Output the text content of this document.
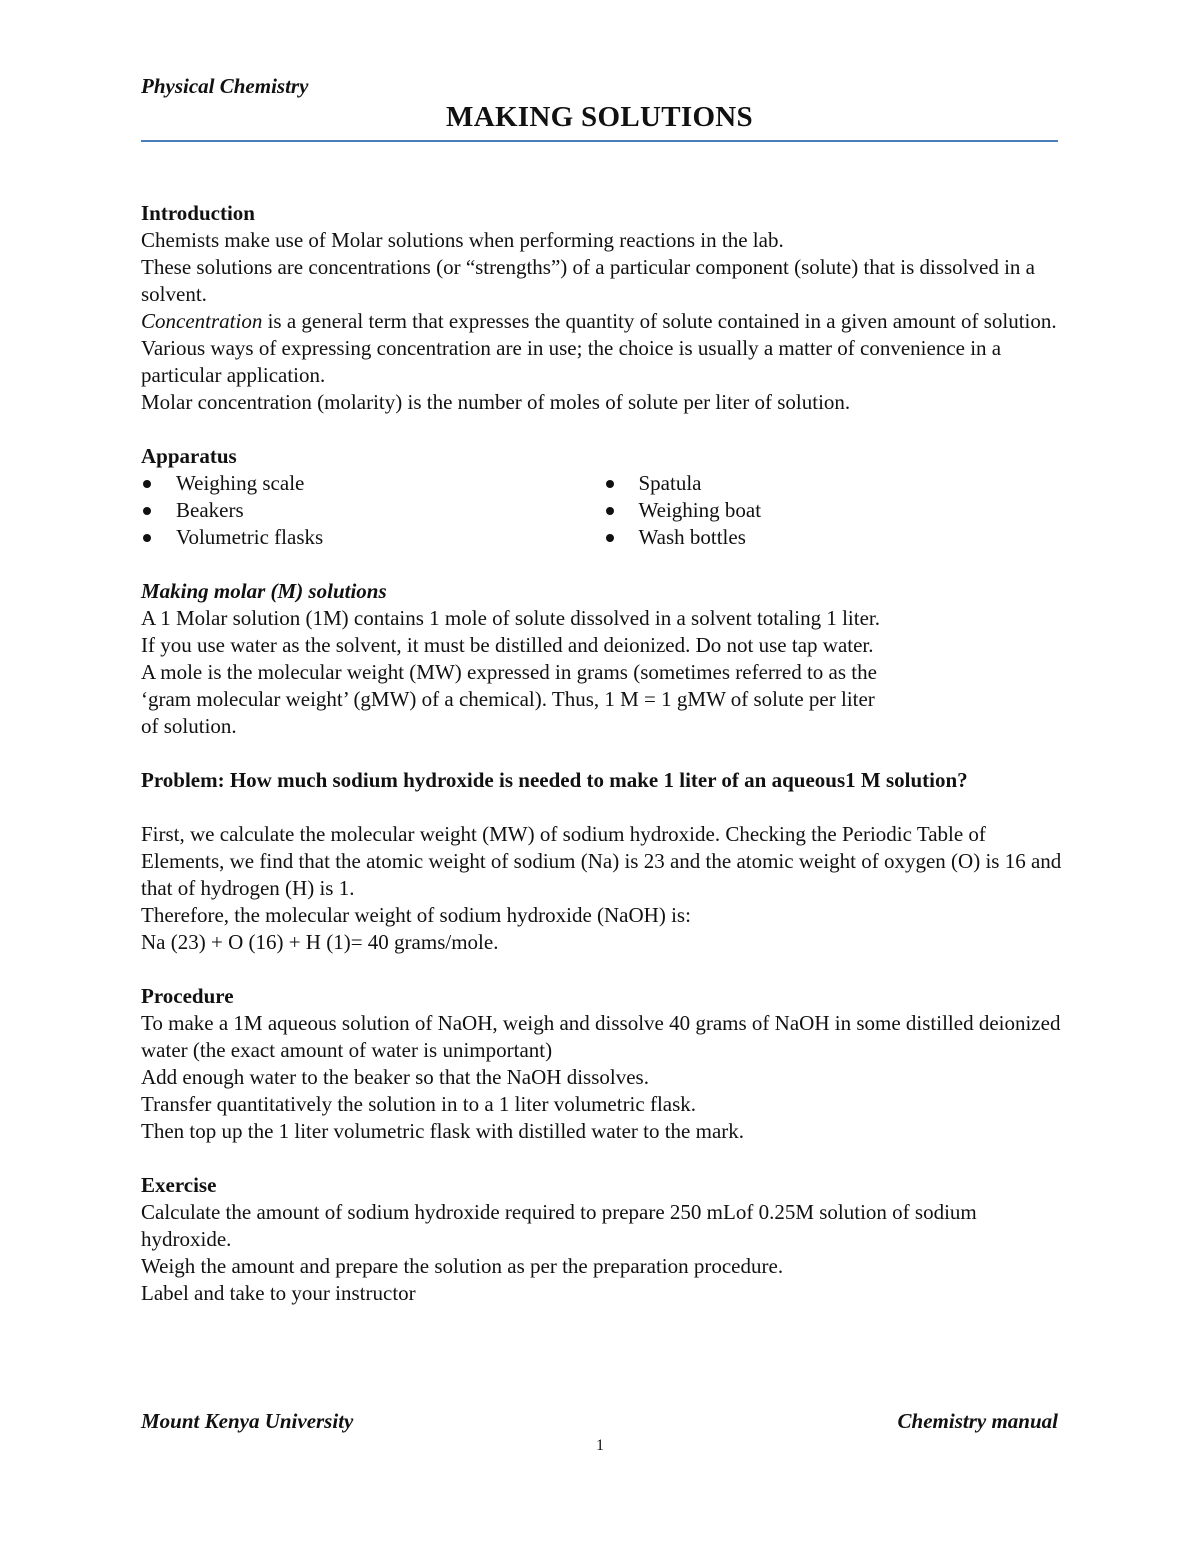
Physical Chemistry
MAKING SOLUTIONS

Introduction

Chemists make use of Molar solutions when performing reactions in the lab.

These solutions are concentrations (or “strengths”) of a particular component (solute) that is dissolved in a solvent.

Concentration is a general term that expresses the quantity of solute contained in a given amount of solution. Various ways of expressing concentration are in use; the choice is usually a matter of convenience in a particular application.

Molar concentration (molarity) is the number of moles of solute per liter of solution.

Apparatus

Weighing scale
Beakers
Volumetric flasks
Spatula
Weighing boat
Wash bottles

Making molar (M) solutions

A 1 Molar solution (1M) contains 1 mole of solute dissolved in a solvent totaling 1 liter.

If you use water as the solvent, it must be distilled and deionized. Do not use tap water.

A mole is the molecular weight (MW) expressed in grams (sometimes referred to as the

‘gram molecular weight’ (gMW) of a chemical). Thus, 1 M = 1 gMW of solute per liter

of solution.

Problem: How much sodium hydroxide is needed to make 1 liter of an aqueous1 M solution?

First, we calculate the molecular weight (MW) of sodium hydroxide. Checking the Periodic Table of Elements, we find that the atomic weight of sodium (Na) is 23 and the atomic weight of oxygen (O) is 16 and that of hydrogen (H) is 1.

Therefore, the molecular weight of sodium hydroxide (NaOH) is:

Na (23) + O (16) + H (1)= 40 grams/mole.

Procedure

To make a 1M aqueous solution of NaOH, weigh and dissolve 40 grams of NaOH in some distilled deionized water (the exact amount of water is unimportant)

Add enough water to the beaker so that the NaOH dissolves.

Transfer quantitatively the solution in to a 1 liter volumetric flask.

Then top up the 1 liter volumetric flask with distilled water to the mark.

Exercise

Calculate the amount of sodium hydroxide required to prepare 250 mLof 0.25M solution of sodium hydroxide.

Weigh the amount and prepare the solution as per the preparation procedure.

Label and take to your instructor

Mount Kenya University	Chemistry manual
1
